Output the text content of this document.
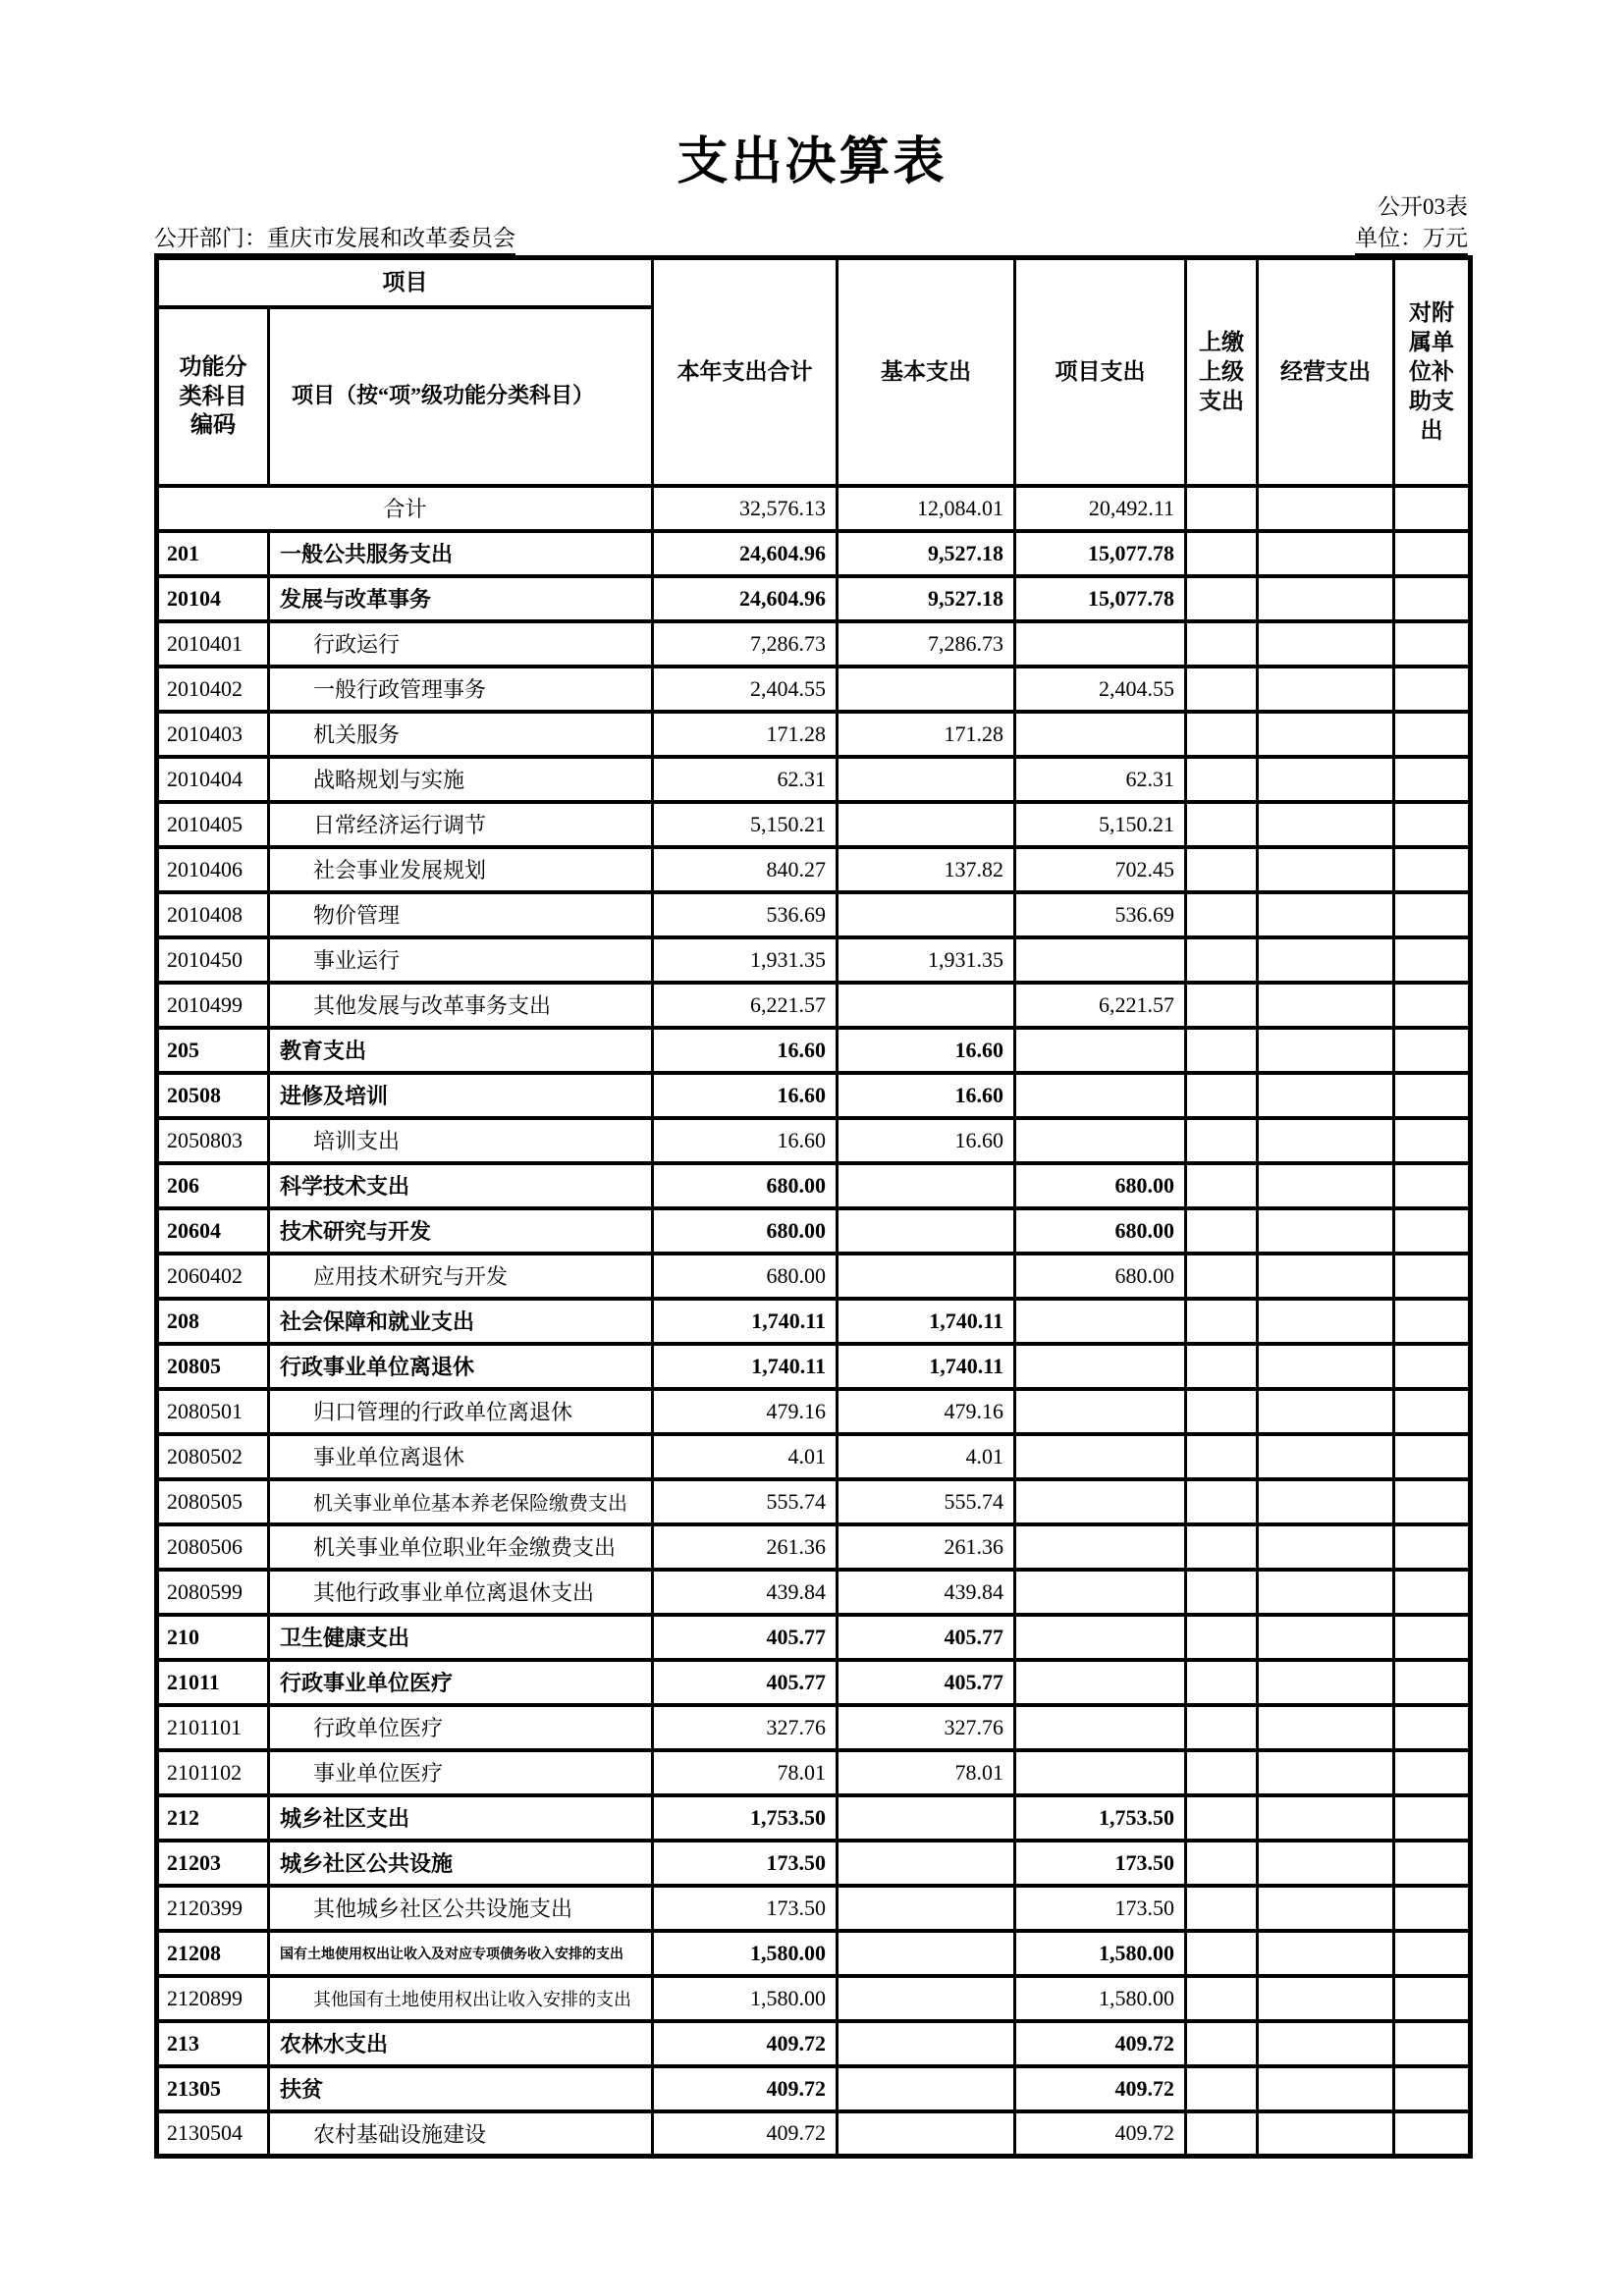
支出决算表
公开03表
公开部门：重庆市发展和改革委员会	单位：万元
项目		本年支出合计	基本支出	项目支出	上缴上级支出	经营支出	对附属单位补助支出
功能分类科目编码	项目（按“项”级功能分类科目）						
合计		32,576.13	12,084.01	20,492.11			
201	一般公共服务支出	24,604.96	9,527.18	15,077.78			
20104	发展与改革事务	24,604.96	9,527.18	15,077.78			
2010401	行政运行	7,286.73	7,286.73				
2010402	一般行政管理事务	2,404.55		2,404.55			
2010403	机关服务	171.28	171.28				
2010404	战略规划与实施	62.31		62.31			
2010405	日常经济运行调节	5,150.21		5,150.21			
2010406	社会事业发展规划	840.27	137.82	702.45			
2010408	物价管理	536.69		536.69			
2010450	事业运行	1,931.35	1,931.35				
2010499	其他发展与改革事务支出	6,221.57		6,221.57			
205	教育支出	16.60	16.60				
20508	进修及培训	16.60	16.60				
2050803	培训支出	16.60	16.60				
206	科学技术支出	680.00		680.00			
20604	技术研究与开发	680.00		680.00			
2060402	应用技术研究与开发	680.00		680.00			
208	社会保障和就业支出	1,740.11	1,740.11				
20805	行政事业单位离退休	1,740.11	1,740.11				
2080501	归口管理的行政单位离退休	479.16	479.16				
2080502	事业单位离退休	4.01	4.01				
2080505	机关事业单位基本养老保险缴费支出	555.74	555.74				
2080506	机关事业单位职业年金缴费支出	261.36	261.36				
2080599	其他行政事业单位离退休支出	439.84	439.84				
210	卫生健康支出	405.77	405.77				
21011	行政事业单位医疗	405.77	405.77				
2101101	行政单位医疗	327.76	327.76				
2101102	事业单位医疗	78.01	78.01				
212	城乡社区支出	1,753.50		1,753.50			
21203	城乡社区公共设施	173.50		173.50			
2120399	其他城乡社区公共设施支出	173.50		173.50			
21208	国有土地使用权出让收入及对应专项债务收入安排的支出	1,580.00		1,580.00			
2120899	其他国有土地使用权出让收入安排的支出	1,580.00		1,580.00			
213	农林水支出	409.72		409.72			
21305	扶贫	409.72		409.72			
2130504	农村基础设施建设	409.72		409.72			
